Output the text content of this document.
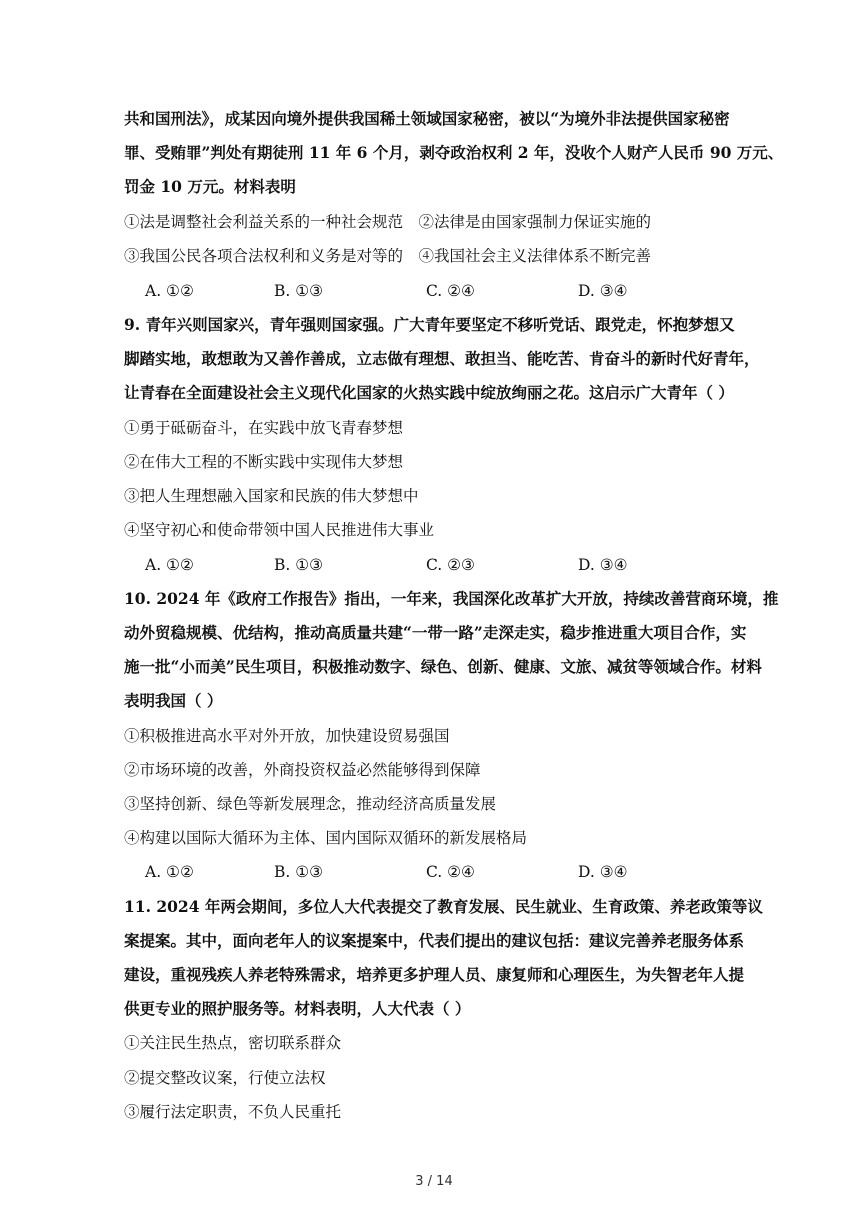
共和国刑法》，成某因向境外提供我国稀土领域国家秘密，被以“为境外非法提供国家秘密
罪、受贿罪”判处有期徒刑 11 年 6 个月，剥夺政治权利 2 年，没收个人财产人民币 90 万元、
罚金 10 万元。材料表明
①法是调整社会利益关系的一种社会规范　②法律是由国家强制力保证实施的
③我国公民各项合法权利和义务是对等的　④我国社会主义法律体系不断完善
A. ①②	B. ①③	C. ②④	D. ③④
9. 青年兴则国家兴，青年强则国家强。广大青年要坚定不移听党话、跟党走，怀抱梦想又
脚踏实地，敢想敢为又善作善成，立志做有理想、敢担当、能吃苦、肯奋斗的新时代好青年，
让青春在全面建设社会主义现代化国家的火热实践中绽放绚丽之花。这启示广大青年（ ）
①勇于砥砺奋斗，在实践中放飞青春梦想
②在伟大工程的不断实践中实现伟大梦想
③把人生理想融入国家和民族的伟大梦想中
④坚守初心和使命带领中国人民推进伟大事业
A. ①②	B. ①③	C. ②③	D. ③④
10. 2024 年《政府工作报告》指出，一年来，我国深化改革扩大开放，持续改善营商环境，推
动外贸稳规模、优结构，推动高质量共建“一带一路”走深走实，稳步推进重大项目合作，实
施一批“小而美”民生项目，积极推动数字、绿色、创新、健康、文旅、减贫等领域合作。材料
表明我国（ ）
①积极推进高水平对外开放，加快建设贸易强国
②市场环境的改善，外商投资权益必然能够得到保障
③坚持创新、绿色等新发展理念，推动经济高质量发展
④构建以国际大循环为主体、国内国际双循环的新发展格局
A. ①②	B. ①③	C. ②④	D. ③④
11. 2024 年两会期间，多位人大代表提交了教育发展、民生就业、生育政策、养老政策等议
案提案。其中，面向老年人的议案提案中，代表们提出的建议包括：建议完善养老服务体系
建设，重视残疾人养老特殊需求，培养更多护理人员、康复师和心理医生，为失智老年人提
供更专业的照护服务等。材料表明，人大代表（ ）
①关注民生热点，密切联系群众
②提交整改议案，行使立法权
③履行法定职责，不负人民重托
3 / 14
